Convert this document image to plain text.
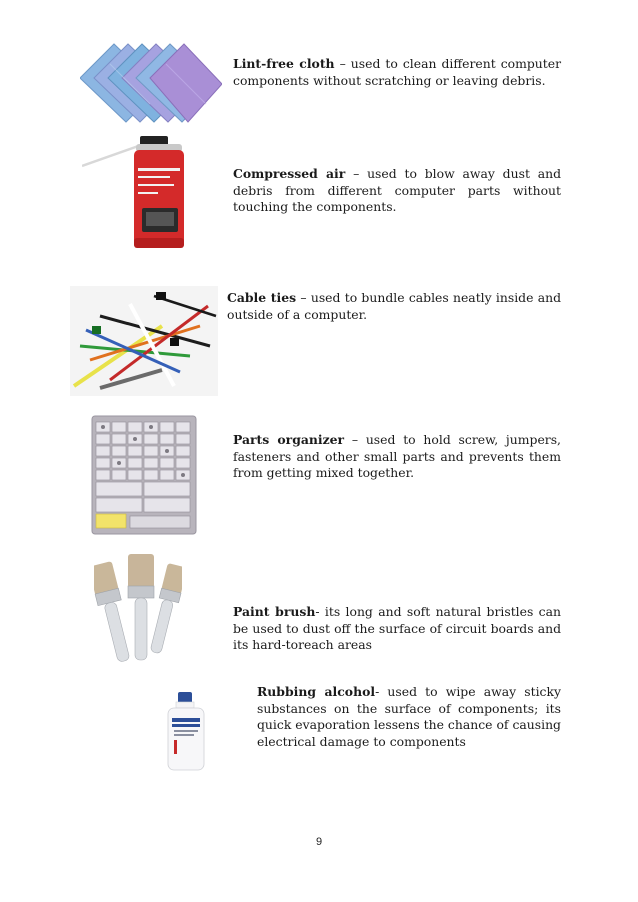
Lint-free cloth – used to clean different computer components without scratching or leaving debris.
Compressed air – used to blow away dust and debris from different computer parts without touching the components.
Cable ties – used to bundle cables neatly inside and outside of a computer.
Parts organizer – used to hold screw, jumpers, fasteners and other small parts and prevents them from getting mixed together.
Paint brush- its long and soft natural bristles can be used to dust off the surface of circuit boards and its hard-toreach areas
Rubbing alcohol- used to wipe away sticky substances on the surface of components; its quick evaporation lessens the chance of causing electrical damage to components
9
